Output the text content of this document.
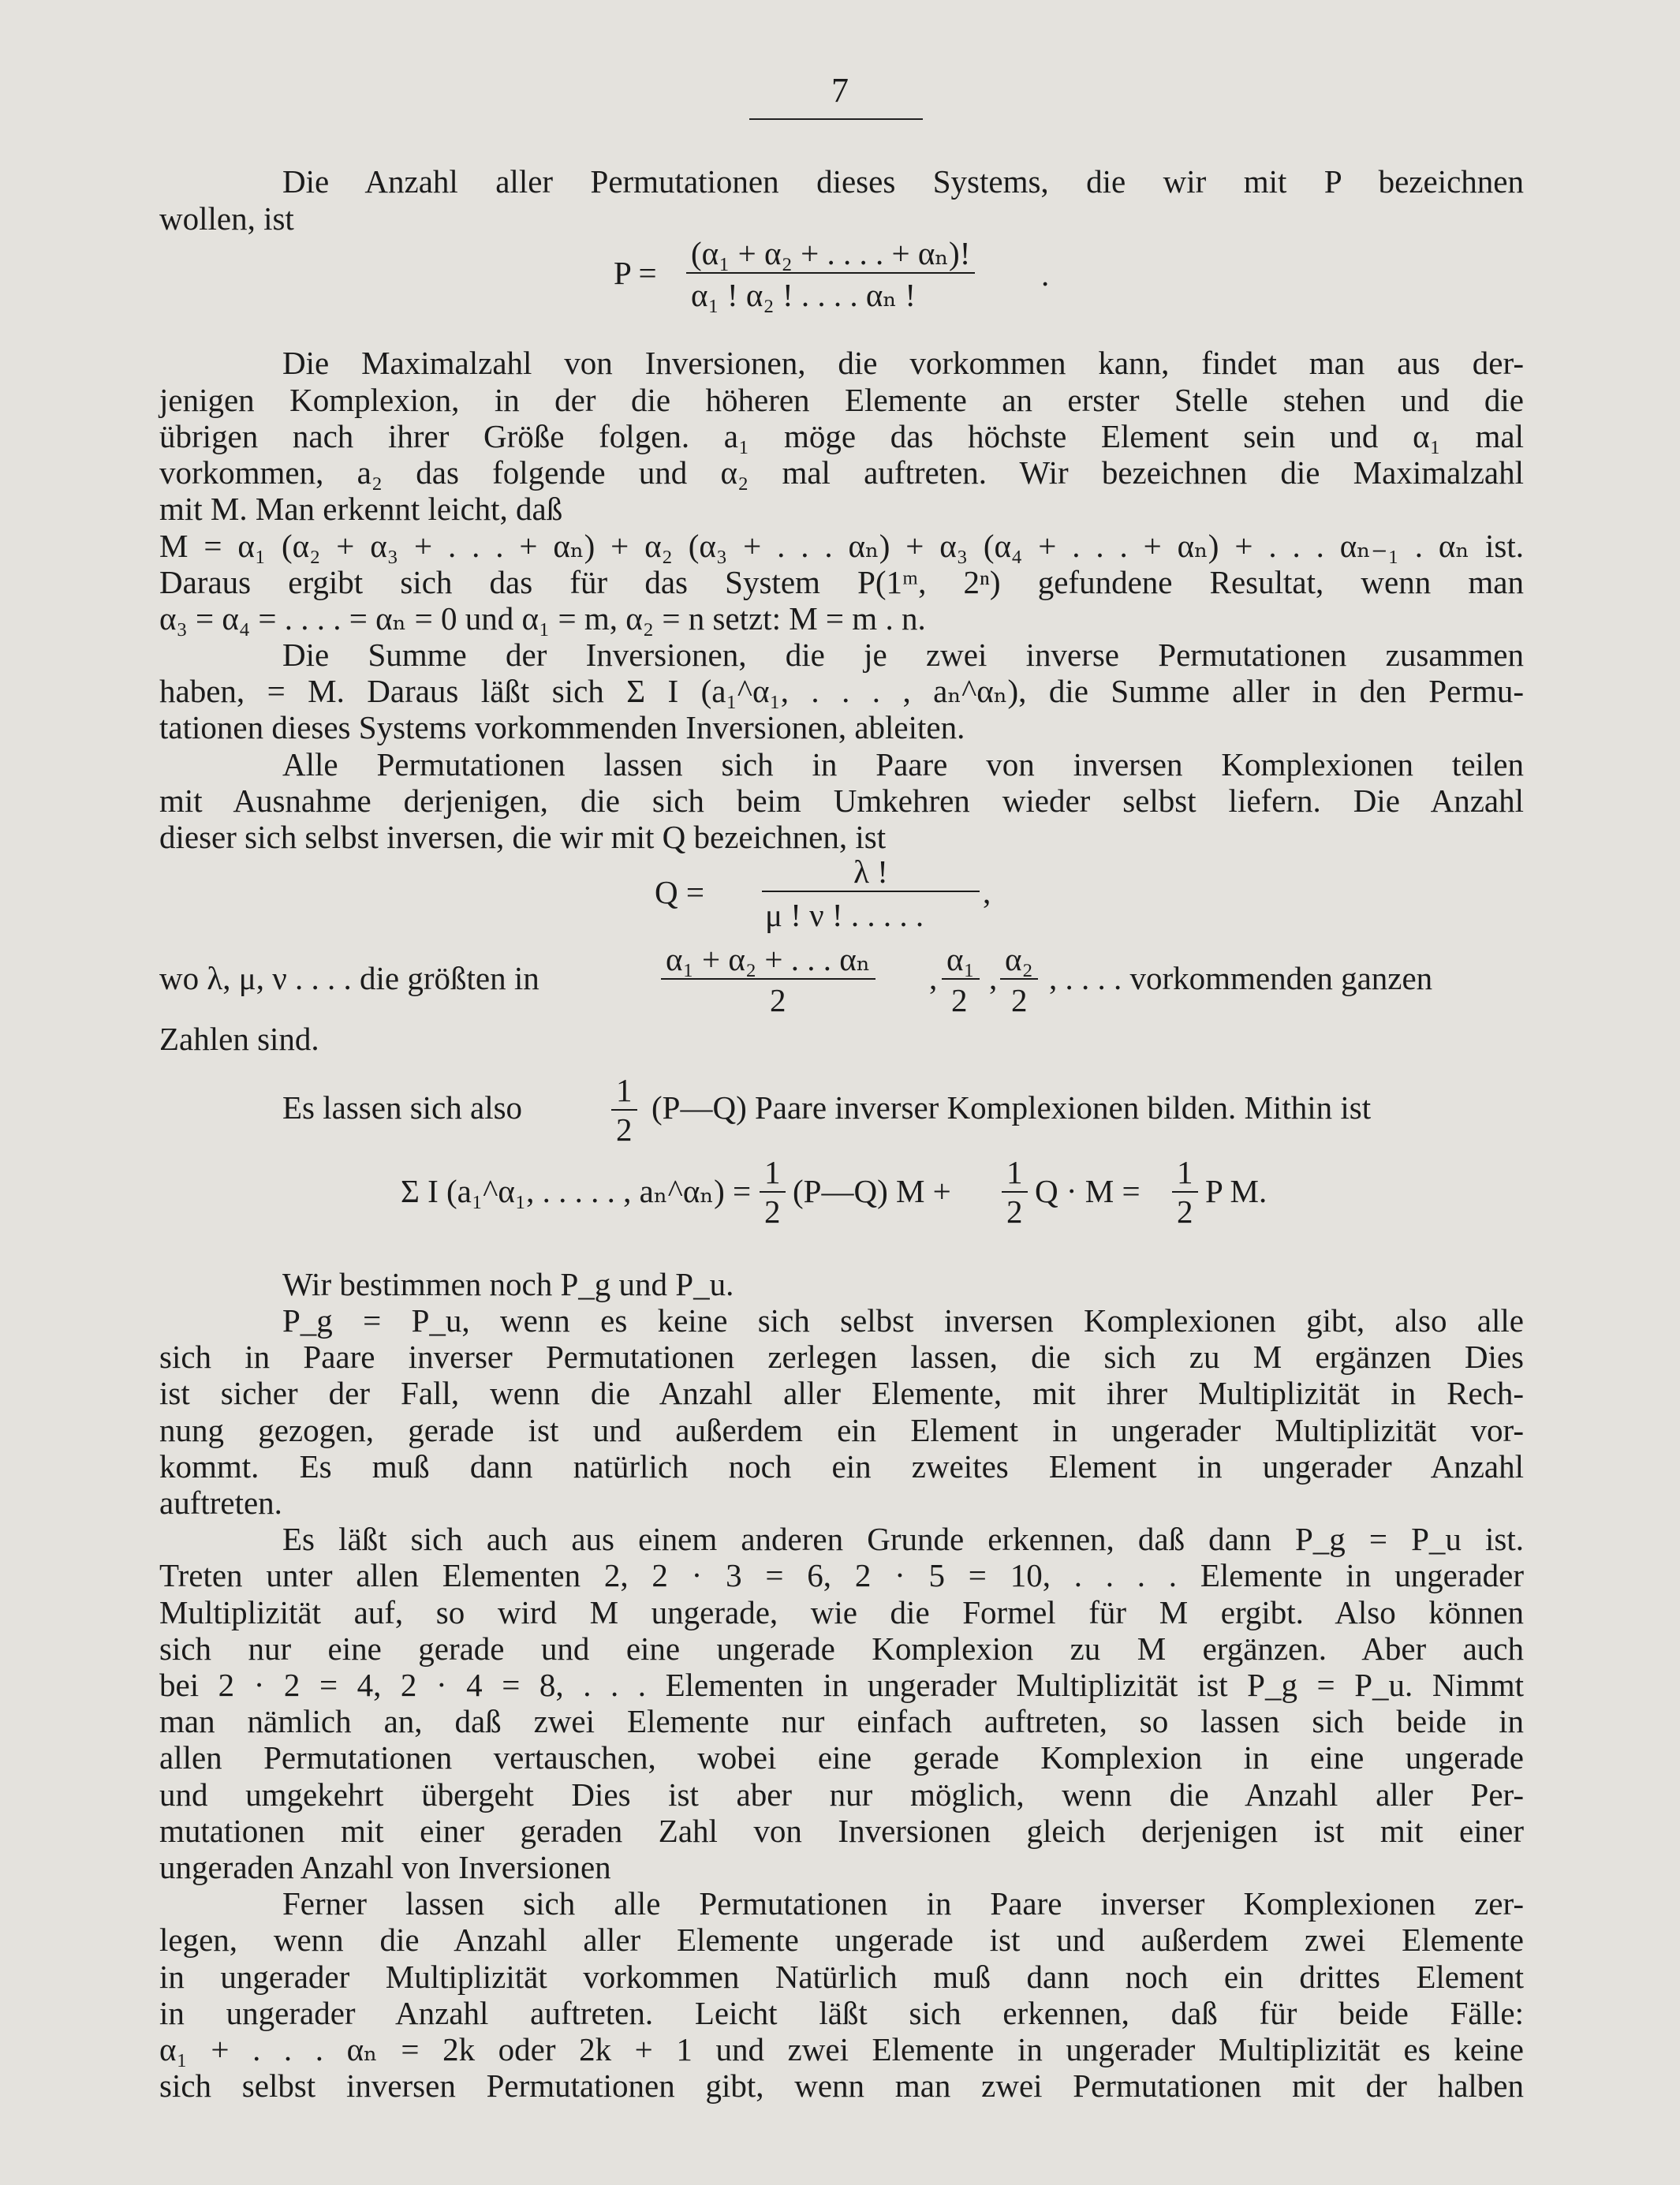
7
Die Anzahl aller Permutationen dieses Systems, die wir mit P bezeichnen
wollen, ist
(α₁ + α₂ + . . . . + αₙ)!
P =
α₁ ! α₂ ! . . . . αₙ !
.
Die Maximalzahl von Inversionen, die vorkommen kann, findet man aus der-
jenigen Komplexion, in der die höheren Elemente an erster Stelle stehen und die
übrigen nach ihrer Größe folgen. a₁ möge das höchste Element sein und α₁ mal
vorkommen, a₂ das folgende und α₂ mal auftreten. Wir bezeichnen die Maximalzahl
mit M. Man erkennt leicht, daß
M = α₁ (α₂ + α₃ + . . . + αₙ) + α₂ (α₃ + . . . αₙ) + α₃ (α₄ + . . . + αₙ) + . . . αₙ₋₁ . αₙ ist.
Daraus ergibt sich das für das System P(1ᵐ, 2ⁿ) gefundene Resultat, wenn man
α₃ = α₄ = . . . . = αₙ = 0 und α₁ = m, α₂ = n setzt: M = m . n.
Die Summe der Inversionen, die je zwei inverse Permutationen zusammen
haben, = M. Daraus läßt sich Σ I (a₁^α₁, . . . , aₙ^αₙ), die Summe aller in den Permu-
tationen dieses Systems vorkommenden Inversionen, ableiten.
Alle Permutationen lassen sich in Paare von inversen Komplexionen teilen
mit Ausnahme derjenigen, die sich beim Umkehren wieder selbst liefern. Die Anzahl
dieser sich selbst inversen, die wir mit Q bezeichnen, ist
λ !
Q =
μ ! ν ! . . . . .
,
wo λ, μ, ν . . . . die größten in
α₁ + α₂ + . . . αₙ
2
,
α₁
2
,
α₂
2
, . . . . vorkommenden ganzen
Zahlen sind.
Es lassen sich also	1
2
(P—Q) Paare inverser Komplexionen bilden. Mithin ist
Σ I (a₁^α₁, . . . . . , aₙ^αₙ) =
1
2
(P—Q) M +
1
2
Q · M =
1
2
P M.
Wir bestimmen noch P_g und P_u.
P_g = P_u, wenn es keine sich selbst inversen Komplexionen gibt, also alle
sich in Paare inverser Permutationen zerlegen lassen, die sich zu M ergänzen Dies
ist sicher der Fall, wenn die Anzahl aller Elemente, mit ihrer Multiplizität in Rech-
nung gezogen, gerade ist und außerdem ein Element in ungerader Multiplizität vor-
kommt. Es muß dann natürlich noch ein zweites Element in ungerader Anzahl
auftreten.
Es läßt sich auch aus einem anderen Grunde erkennen, daß dann P_g = P_u ist.
Treten unter allen Elementen 2, 2 · 3 = 6, 2 · 5 = 10, . . . . Elemente in ungerader
Multiplizität auf, so wird M ungerade, wie die Formel für M ergibt. Also können
sich nur eine gerade und eine ungerade Komplexion zu M ergänzen. Aber auch
bei 2 · 2 = 4, 2 · 4 = 8, . . . Elementen in ungerader Multiplizität ist P_g = P_u. Nimmt
man nämlich an, daß zwei Elemente nur einfach auftreten, so lassen sich beide in
allen Permutationen vertauschen, wobei eine gerade Komplexion in eine ungerade
und umgekehrt übergeht Dies ist aber nur möglich, wenn die Anzahl aller Per-
mutationen mit einer geraden Zahl von Inversionen gleich derjenigen ist mit einer
ungeraden Anzahl von Inversionen
Ferner lassen sich alle Permutationen in Paare inverser Komplexionen zer-
legen, wenn die Anzahl aller Elemente ungerade ist und außerdem zwei Elemente
in ungerader Multiplizität vorkommen Natürlich muß dann noch ein drittes Element
in ungerader Anzahl auftreten. Leicht läßt sich erkennen, daß für beide Fälle:
α₁ + . . . αₙ = 2k oder 2k + 1 und zwei Elemente in ungerader Multiplizität es keine
sich selbst inversen Permutationen gibt, wenn man zwei Permutationen mit der halben
